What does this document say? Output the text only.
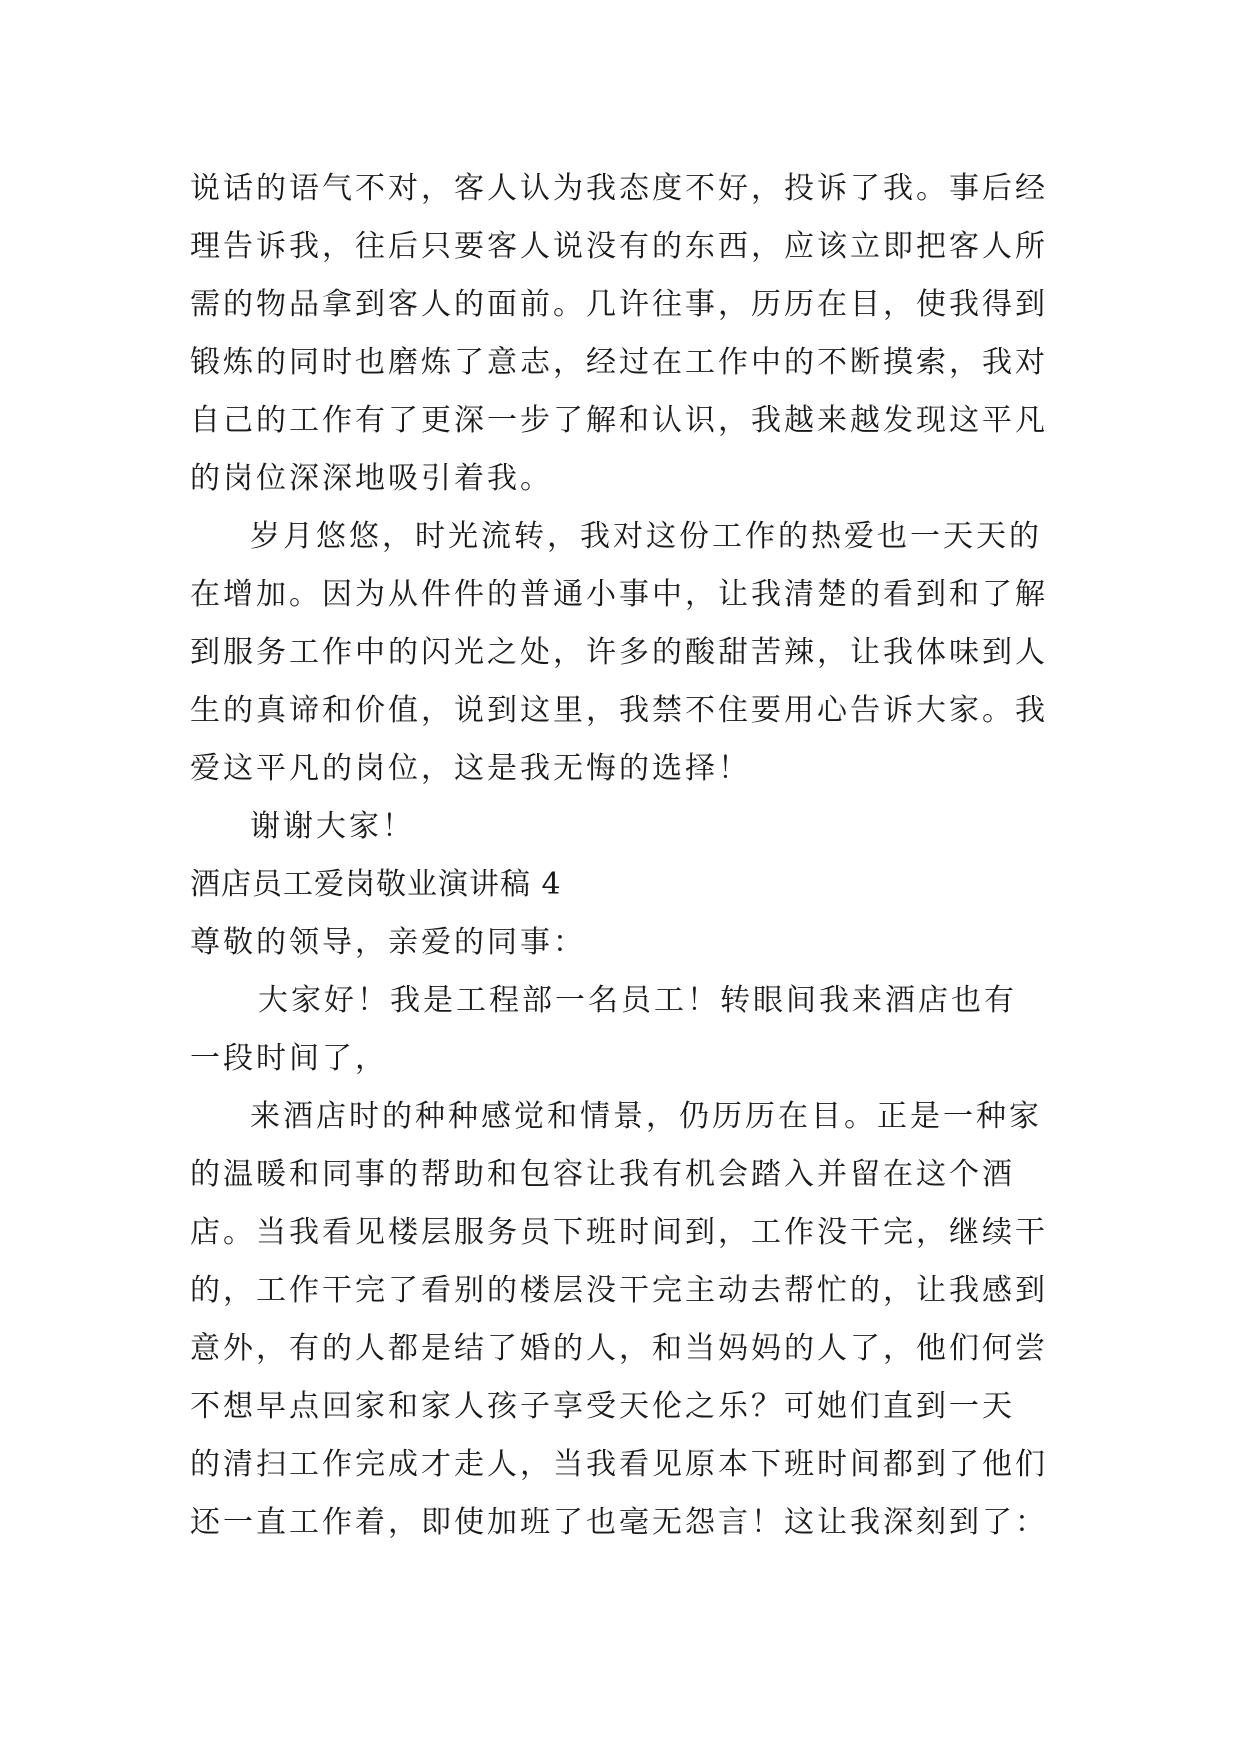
说话的语气不对，客人认为我态度不好，投诉了我。事后经
理告诉我，往后只要客人说没有的东西，应该立即把客人所
需的物品拿到客人的面前。几许往事，历历在目，使我得到
锻炼的同时也磨炼了意志，经过在工作中的不断摸索，我对
自己的工作有了更深一步了解和认识，我越来越发现这平凡
的岗位深深地吸引着我。
岁月悠悠，时光流转，我对这份工作的热爱也一天天的
在增加。因为从件件的普通小事中，让我清楚的看到和了解
到服务工作中的闪光之处，许多的酸甜苦辣，让我体味到人
生的真谛和价值，说到这里，我禁不住要用心告诉大家。我
爱这平凡的岗位，这是我无悔的选择！
谢谢大家！
酒店员工爱岗敬业演讲稿 4
尊敬的领导，亲爱的同事：
大家好！我是工程部一名员工！转眼间我来酒店也有
一段时间了，
来酒店时的种种感觉和情景，仍历历在目。正是一种家
的温暖和同事的帮助和包容让我有机会踏入并留在这个酒
店。当我看见楼层服务员下班时间到，工作没干完，继续干
的，工作干完了看别的楼层没干完主动去帮忙的，让我感到
意外，有的人都是结了婚的人，和当妈妈的人了，他们何尝
不想早点回家和家人孩子享受天伦之乐？可她们直到一天
的清扫工作完成才走人，当我看见原本下班时间都到了他们
还一直工作着，即使加班了也毫无怨言！这让我深刻到了：
